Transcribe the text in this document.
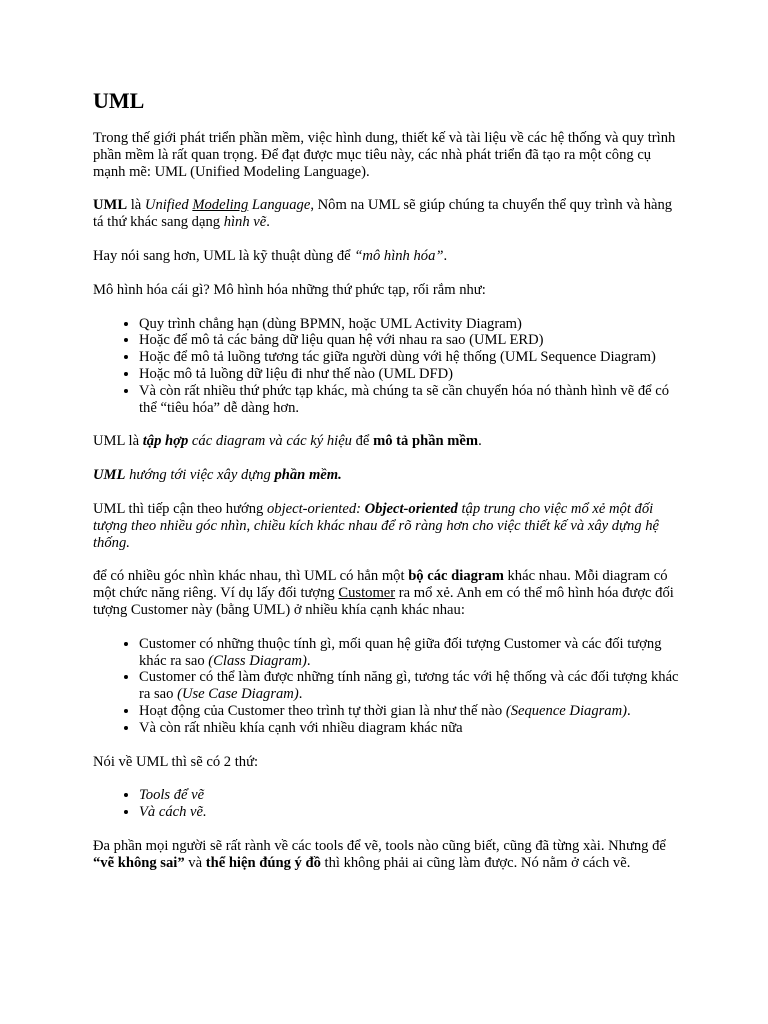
UML

Trong thế giới phát triển phần mềm, việc hình dung, thiết kế và tài liệu về các hệ thống và quy trình phần mềm là rất quan trọng. Để đạt được mục tiêu này, các nhà phát triển đã tạo ra một công cụ mạnh mẽ: UML (Unified Modeling Language).

UML là Unified Modeling Language, Nôm na UML sẽ giúp chúng ta chuyển thể quy trình và hàng tá thứ khác sang dạng hình vẽ.

Hay nói sang hơn, UML là kỹ thuật dùng để “mô hình hóa”.

Mô hình hóa cái gì? Mô hình hóa những thứ phức tạp, rối rắm như:

• Quy trình chẳng hạn (dùng BPMN, hoặc UML Activity Diagram)
• Hoặc để mô tả các bảng dữ liệu quan hệ với nhau ra sao (UML ERD)
• Hoặc để mô tả luồng tương tác giữa người dùng với hệ thống (UML Sequence Diagram)
• Hoặc mô tả luồng dữ liệu đi như thế nào (UML DFD)
• Và còn rất nhiều thứ phức tạp khác, mà chúng ta sẽ cần chuyển hóa nó thành hình vẽ để có thể “tiêu hóa” dễ dàng hơn.

UML là tập hợp các diagram và các ký hiệu để mô tả phần mềm.

UML hướng tới việc xây dựng phần mềm.

UML thì tiếp cận theo hướng object-oriented: Object-oriented tập trung cho việc mổ xẻ một đối tượng theo nhiều góc nhìn, chiều kích khác nhau để rõ ràng hơn cho việc thiết kế và xây dựng hệ thống.

để có nhiều góc nhìn khác nhau, thì UML có hẳn một bộ các diagram khác nhau. Mỗi diagram có một chức năng riêng. Ví dụ lấy đối tượng Customer ra mổ xẻ. Anh em có thể mô hình hóa được đối tượng Customer này (bằng UML) ở nhiều khía cạnh khác nhau:

• Customer có những thuộc tính gì, mối quan hệ giữa đối tượng Customer và các đối tượng khác ra sao (Class Diagram).
• Customer có thể làm được những tính năng gì, tương tác với hệ thống và các đối tượng khác ra sao (Use Case Diagram).
• Hoạt động của Customer theo trình tự thời gian là như thế nào (Sequence Diagram).
• Và còn rất nhiều khía cạnh với nhiều diagram khác nữa

Nói về UML thì sẽ có 2 thứ:

• Tools để vẽ
• Và cách vẽ.

Đa phần mọi người sẽ rất rành về các tools để vẽ, tools nào cũng biết, cũng đã từng xài. Nhưng để “vẽ không sai” và thể hiện đúng ý đồ thì không phải ai cũng làm được. Nó nằm ở cách vẽ.
